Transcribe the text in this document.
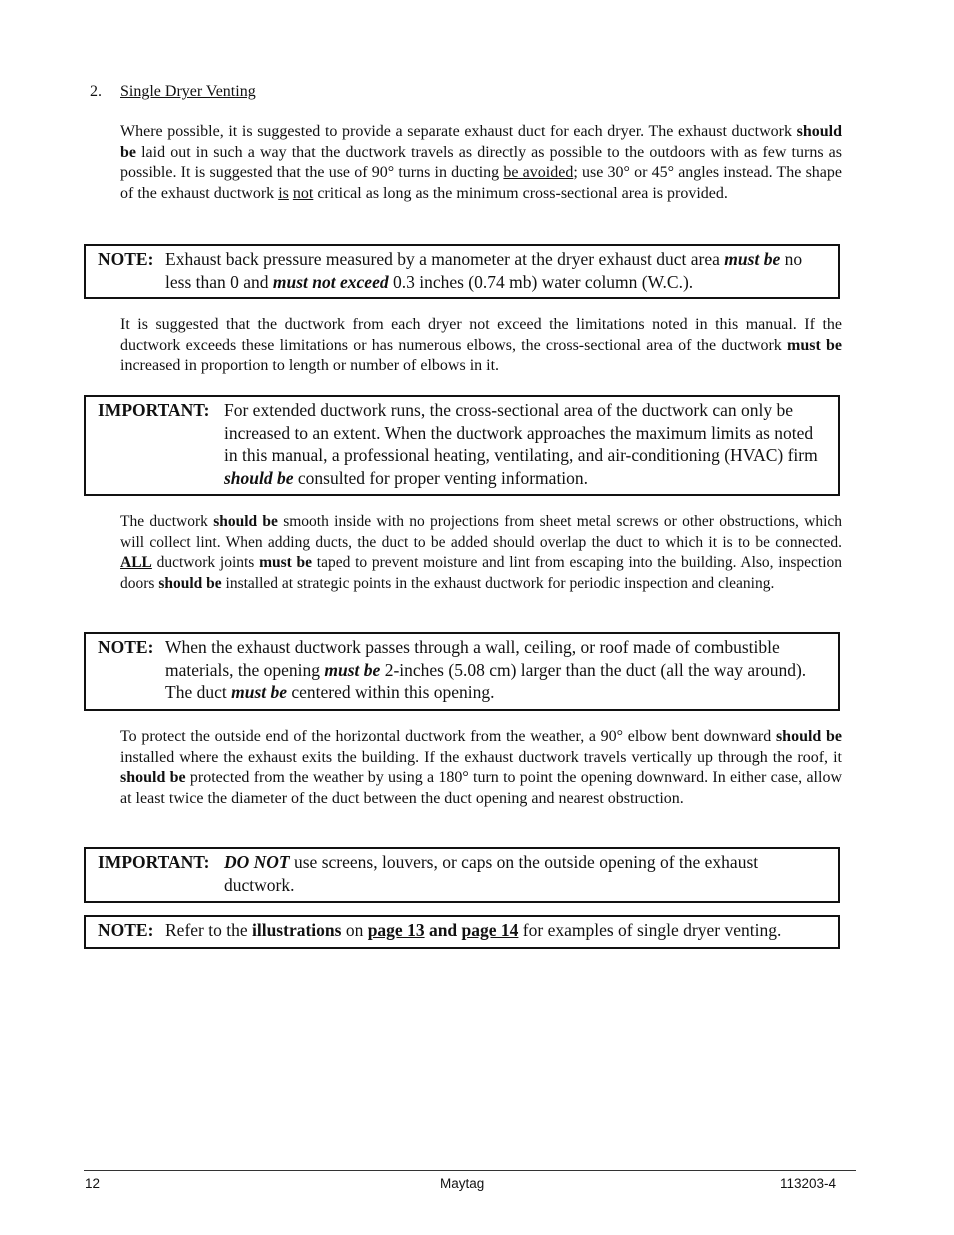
2. Single Dryer Venting
Where possible, it is suggested to provide a separate exhaust duct for each dryer. The exhaust ductwork should be laid out in such a way that the ductwork travels as directly as possible to the outdoors with as few turns as possible. It is suggested that the use of 90° turns in ducting be avoided; use 30° or 45° angles instead. The shape of the exhaust ductwork is not critical as long as the minimum cross-sectional area is provided.
NOTE: Exhaust back pressure measured by a manometer at the dryer exhaust duct area must be no
less than 0 and must not exceed 0.3 inches (0.74 mb) water column (W.C.).
It is suggested that the ductwork from each dryer not exceed the limitations noted in this manual. If the ductwork exceeds these limitations or has numerous elbows, the cross-sectional area of the ductwork must be increased in proportion to length or number of elbows in it.
IMPORTANT: For extended ductwork runs, the cross-sectional area of the ductwork can only be
increased to an extent. When the ductwork approaches the maximum limits as noted
in this manual, a professional heating, ventilating, and air-conditioning (HVAC) firm
should be consulted for proper venting information.
The ductwork should be smooth inside with no projections from sheet metal screws or other obstructions, which will collect lint. When adding ducts, the duct to be added should overlap the duct to which it is to be connected. ALL ductwork joints must be taped to prevent moisture and lint from escaping into the building. Also, inspection doors should be installed at strategic points in the exhaust ductwork for periodic inspection and cleaning.
NOTE: When the exhaust ductwork passes through a wall, ceiling, or roof made of combustible
materials, the opening must be 2-inches (5.08 cm) larger than the duct (all the way around).
The duct must be centered within this opening.
To protect the outside end of the horizontal ductwork from the weather, a 90° elbow bent downward should be installed where the exhaust exits the building. If the exhaust ductwork travels vertically up through the roof, it should be protected from the weather by using a 180° turn to point the opening downward. In either case, allow at least twice the diameter of the duct between the duct opening and nearest obstruction.
IMPORTANT: DO NOT use screens, louvers, or caps on the outside opening of the exhaust
ductwork.
NOTE: Refer to the illustrations on page 13 and page 14 for examples of single dryer venting.
12	Maytag	113203-4
